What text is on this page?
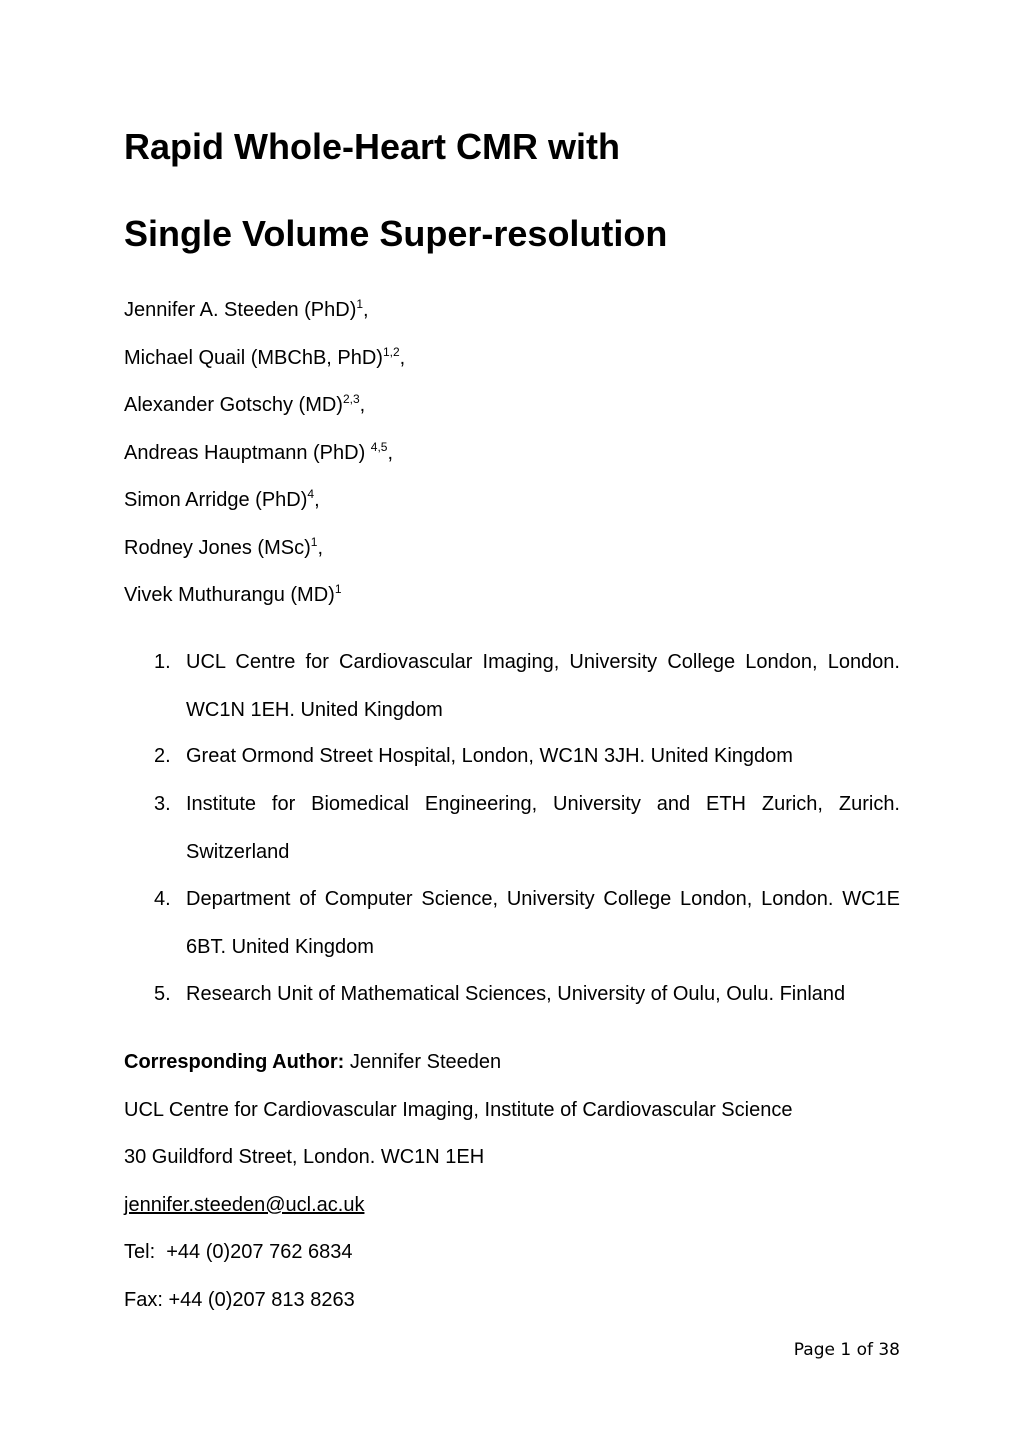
Rapid Whole-Heart CMR with
Single Volume Super-resolution
Jennifer A. Steeden (PhD)$^1$,
Michael Quail (MBChB, PhD)$^{1,2}$,
Alexander Gotschy (MD)$^{2,3}$,
Andreas Hauptmann (PhD) $^{4,5}$,
Simon Arridge (PhD)$^4$,
Rodney Jones (MSc)$^1$,
Vivek Muthurangu (MD)$^1$
1. UCL Centre for Cardiovascular Imaging, University College London, London. WC1N 1EH. United Kingdom
2. Great Ormond Street Hospital, London, WC1N 3JH. United Kingdom
3. Institute for Biomedical Engineering, University and ETH Zurich, Zurich. Switzerland
4. Department of Computer Science, University College London, London. WC1E 6BT. United Kingdom
5. Research Unit of Mathematical Sciences, University of Oulu, Oulu. Finland
Corresponding Author: Jennifer Steeden
UCL Centre for Cardiovascular Imaging, Institute of Cardiovascular Science
30 Guildford Street, London. WC1N 1EH
jennifer.steeden@ucl.ac.uk
Tel:  +44 (0)207 762 6834
Fax: +44 (0)207 813 8263
Page 1 of 38
